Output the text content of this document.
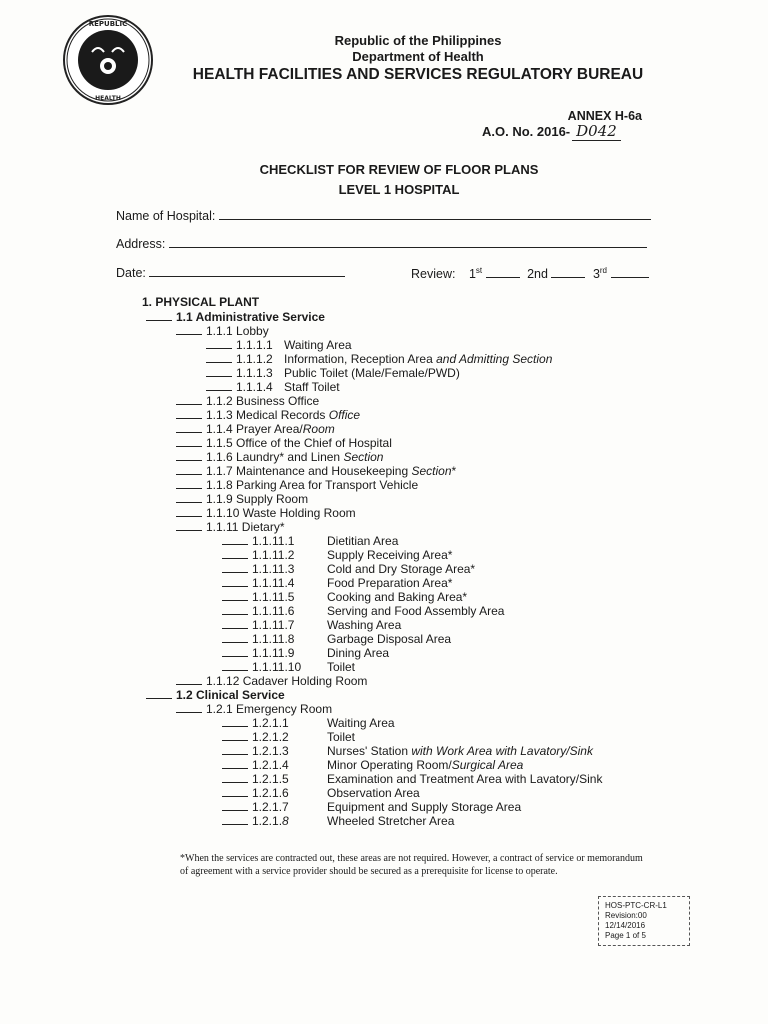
REPUBLIC
HEALTH
Republic of the Philippines
Department of Health
HEALTH FACILITIES AND SERVICES REGULATORY BUREAU
ANNEX H-6a
A.O. No. 2016- D042
CHECKLIST FOR REVIEW OF FLOOR PLANS
LEVEL 1 HOSPITAL
Name of Hospital:
Address:
Date:	Review: 1st	2nd	3rd
1. PHYSICAL PLANT
1.1 Administrative Service
1.1.1 Lobby
1.1.1.1 Waiting Area
1.1.1.2 Information, Reception Area and Admitting Section
1.1.1.3 Public Toilet (Male/Female/PWD)
1.1.1.4 Staff Toilet
1.1.2 Business Office
1.1.3 Medical Records Office
1.1.4 Prayer Area/Room
1.1.5 Office of the Chief of Hospital
1.1.6 Laundry* and Linen Section
1.1.7 Maintenance and Housekeeping Section*
1.1.8 Parking Area for Transport Vehicle
1.1.9 Supply Room
1.1.10 Waste Holding Room
1.1.11 Dietary*
1.1.11.1	Dietitian Area
1.1.11.2	Supply Receiving Area*
1.1.11.3	Cold and Dry Storage Area*
1.1.11.4	Food Preparation Area*
1.1.11.5	Cooking and Baking Area*
1.1.11.6	Serving and Food Assembly Area
1.1.11.7	Washing Area
1.1.11.8	Garbage Disposal Area
1.1.11.9	Dining Area
1.1.11.10 Toilet
1.1.12 Cadaver Holding Room
1.2 Clinical Service
1.2.1 Emergency Room
1.2.1.1	Waiting Area
1.2.1.2	Toilet
1.2.1.3	Nurses' Station with Work Area with Lavatory/Sink
1.2.1.4	Minor Operating Room/Surgical Area
1.2.1.5	Examination and Treatment Area with Lavatory/Sink
1.2.1.6	Observation Area
1.2.1.7	Equipment and Supply Storage Area
1.2.1.8	Wheeled Stretcher Area
*When the services are contracted out, these areas are not required. However, a contract of service or memorandum of agreement with a service provider should be secured as a prerequisite for license to operate.
HOS-PTC-CR-L1
Revision:00
12/14/2016
Page 1 of 5
